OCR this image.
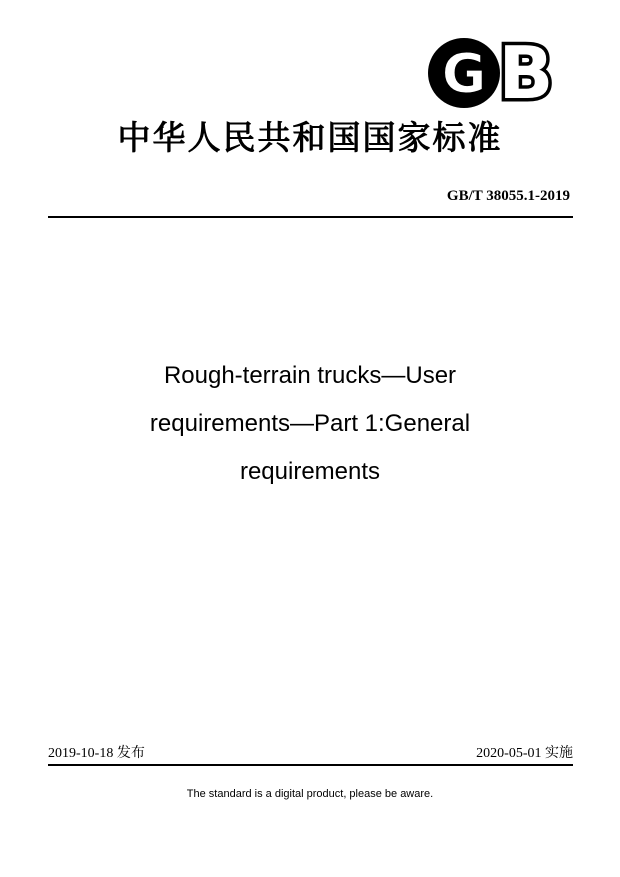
G B
中华人民共和国国家标准
GB/T 38055.1-2019
Rough-terrain trucks—User
requirements—Part 1:General
requirements
2019-10-18 发布	2020-05-01 实施
The standard is a digital product, please be aware.
